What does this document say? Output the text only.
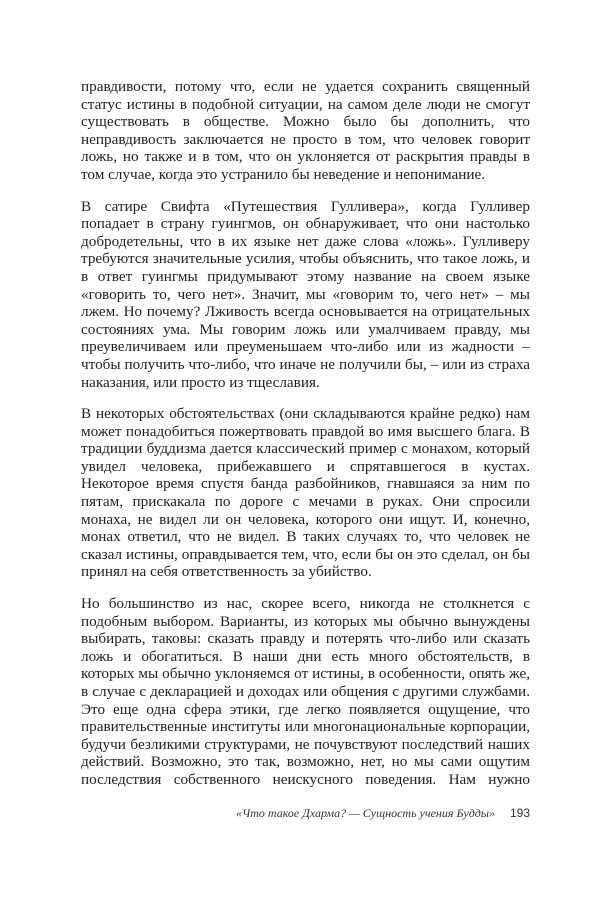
правдивости, потому что, если не удается сохранить священный статус истины в подобной ситуации, на самом деле люди не смогут существовать в обществе. Можно было бы дополнить, что неправдивость заключается не просто в том, что человек говорит ложь, но также и в том, что он уклоняется от раскрытия правды в том случае, когда это устранило бы неведение и непонимание.

В сатире Свифта «Путешествия Гулливера», когда Гулливер попадает в страну гуингмов, он обнаруживает, что они настолько добродетельны, что в их языке нет даже слова «ложь». Гулливеру требуются значительные усилия, чтобы объяснить, что такое ложь, и в ответ гуингмы придумывают этому название на своем языке «говорить то, чего нет». Значит, мы «говорим то, чего нет» – мы лжем. Но почему? Лживость всегда основывается на отрицательных состояниях ума. Мы говорим ложь или умалчиваем правду, мы преувеличиваем или преуменьшаем что-либо или из жадности – чтобы получить что-либо, что иначе не получили бы, – или из страха наказания, или просто из тщеславия.

В некоторых обстоятельствах (они складываются крайне редко) нам может понадобиться пожертвовать правдой во имя высшего блага. В традиции буддизма дается классический пример с монахом, который увидел человека, прибежавшего и спрятавшегося в кустах. Некоторое время спустя банда разбойников, гнавшаяся за ним по пятам, прискакала по дороге с мечами в руках. Они спросили монаха, не видел ли он человека, которого они ищут. И, конечно, монах ответил, что не видел. В таких случаях то, что человек не сказал истины, оправдывается тем, что, если бы он это сделал, он бы принял на себя ответственность за убийство.

Но большинство из нас, скорее всего, никогда не столкнется с подобным выбором. Варианты, из которых мы обычно вынуждены выбирать, таковы: сказать правду и потерять что-либо или сказать ложь и обогатиться. В наши дни есть много обстоятельств, в которых мы обычно уклоняемся от истины, в особенности, опять же, в случае с декларацией и доходах или общения с другими службами. Это еще одна сфера этики, где легко появляется ощущение, что правительственные институты или многонациональные корпорации, будучи безликими структурами, не почувствуют последствий наших действий. Возможно, это так, возможно, нет, но мы сами ощутим последствия собственного неискусного поведения. Нам нужно

«Что такое Дхарма? — Сущность учения Будды» 193
